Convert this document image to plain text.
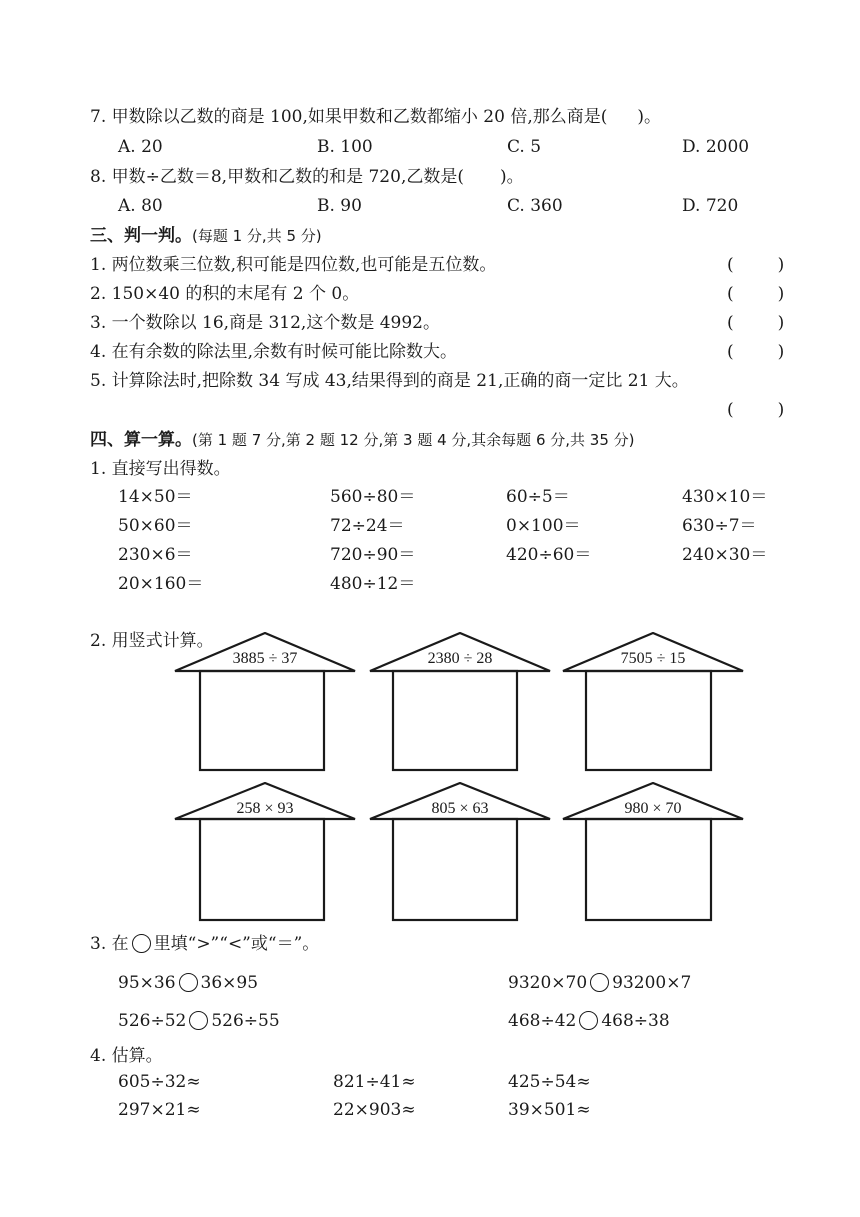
7. 甲数除以乙数的商是 100,如果甲数和乙数都缩小 20 倍,那么商是( )。
A. 20	B. 100	C. 5	D. 2000
8. 甲数÷乙数＝8,甲数和乙数的和是 720,乙数是( )。
A. 80	B. 90	C. 360	D. 720
三、判一判。(每题 1 分,共 5 分)
1. 两位数乘三位数,积可能是四位数,也可能是五位数。	(	)
2. 150×40 的积的末尾有 2 个 0。	(	)
3. 一个数除以 16,商是 312,这个数是 4992。	(	)
4. 在有余数的除法里,余数有时候可能比除数大。	(	)
5. 计算除法时,把除数 34 写成 43,结果得到的商是 21,正确的商一定比 21 大。
(	)
四、算一算。(第 1 题 7 分,第 2 题 12 分,第 3 题 4 分,其余每题 6 分,共 35 分)
1. 直接写出得数。
14×50＝	560÷80＝	60÷5＝	430×10＝
50×60＝	72÷24＝	0×100＝	630÷7＝
230×6＝	720÷90＝	420÷60＝	240×30＝
20×160＝	480÷12＝
2. 用竖式计算。
3885 ÷ 37	2380 ÷ 28	7505 ÷ 15
258 × 93	805 × 63	980 × 70
3. 在 里填“>”“<”或“＝”。
95×36 36×95	9320×70 93200×7
526÷52 526÷55	468÷42 468÷38
4. 估算。
605÷32≈	821÷41≈	425÷54≈
297×21≈	22×903≈	39×501≈
